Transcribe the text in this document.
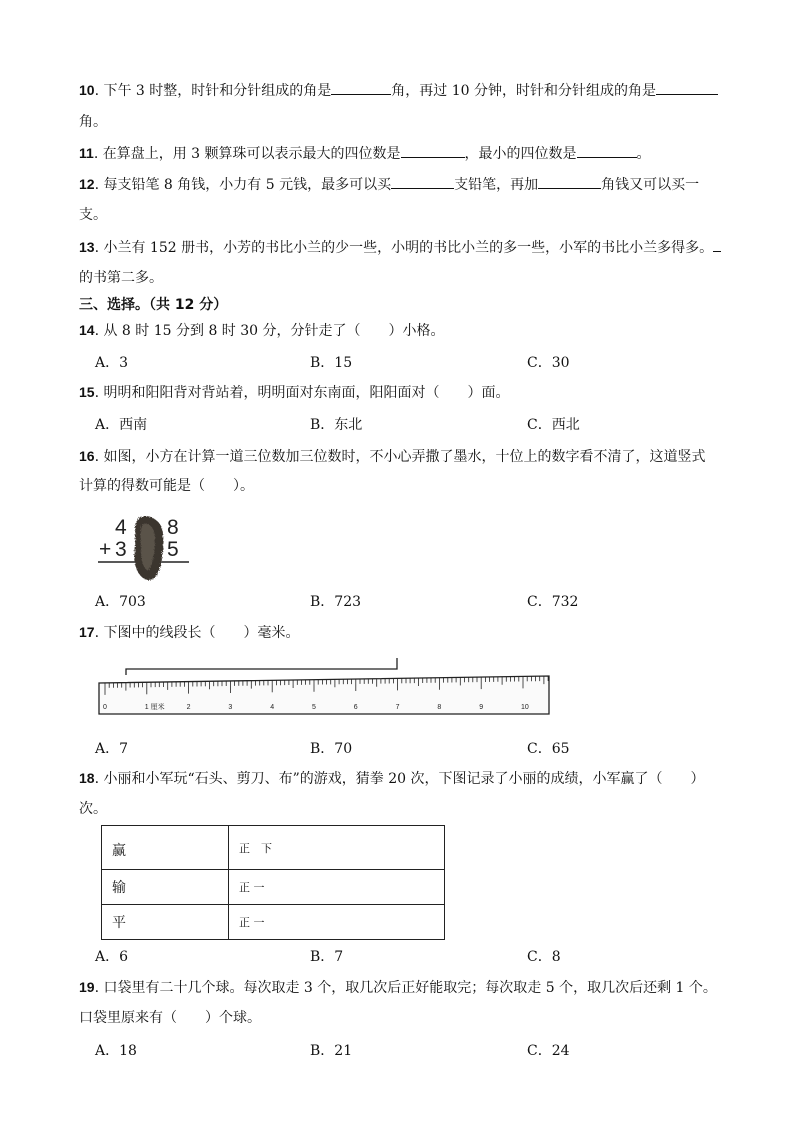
10. 下午 3 时整，时针和分针组成的角是	角，再过 10 分钟，时针和分针组成的角是
角。
11. 在算盘上，用 3 颗算珠可以表示最大的四位数是	，最小的四位数是	。
12. 每支铅笔 8 角钱，小力有 5 元钱，最多可以买	支铅笔，再加	角钱又可以买一
支。
13. 小兰有 152 册书，小芳的书比小兰的少一些，小明的书比小兰的多一些，小军的书比小兰多得多。
的书第二多。
三、选择。（共 12 分）
14. 从 8 时 15 分到 8 时 30 分，分针走了（　　）小格。
A．3	B．15	C．30
15. 明明和阳阳背对背站着，明明面对东南面，阳阳面对（　　）面。
A．西南	B．东北	C．西北
16. 如图，小方在计算一道三位数加三位数时，不小心弄撒了墨水，十位上的数字看不清了，这道竖式
计算的得数可能是（　　）。
4 8
+ 3 5
A．703	B．723	C．732
17. 下图中的线段长（　　）毫米。
0	1 厘米	2	3	4	5	6	7	8	9	10
A．7	B．70	C．65
18. 小丽和小军玩“石头、剪刀、布”的游戏，猜拳 20 次，下图记录了小丽的成绩，小军赢了（　　）
次。
赢	正　下
输	正 一
平	正 一
A．6	B．7	C．8
19. 口袋里有二十几个球。每次取走 3 个，取几次后正好能取完；每次取走 5 个，取几次后还剩 1 个。
口袋里原来有（　　）个球。
A．18	B．21	C．24
